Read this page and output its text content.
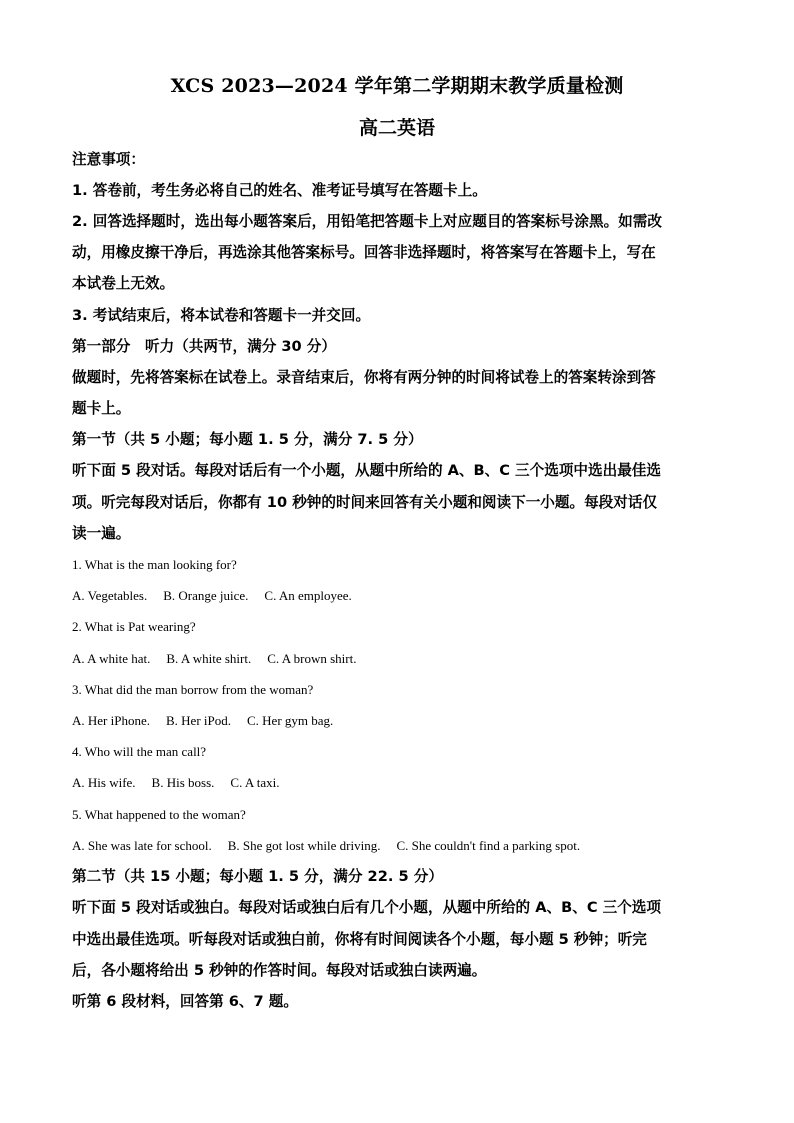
XCS 2023—2024 学年第二学期期末教学质量检测
高二英语
注意事项：
1. 答卷前，考生务必将自己的姓名、准考证号填写在答题卡上。
2. 回答选择题时，选出每小题答案后，用铅笔把答题卡上对应题目的答案标号涂黑。如需改
动，用橡皮擦干净后，再选涂其他答案标号。回答非选择题时，将答案写在答题卡上，写在
本试卷上无效。
3. 考试结束后，将本试卷和答题卡一并交回。
第一部分　听力（共两节，满分 30 分）
做题时，先将答案标在试卷上。录音结束后，你将有两分钟的时间将试卷上的答案转涂到答
题卡上。
第一节（共 5 小题；每小题 1. 5 分，满分 7. 5 分）
听下面 5 段对话。每段对话后有一个小题，从题中所给的 A、B、C 三个选项中选出最佳选
项。听完每段对话后，你都有 10 秒钟的时间来回答有关小题和阅读下一小题。每段对话仅
读一遍。
1. What is the man looking for?
A. Vegetables. B. Orange juice. C. An employee.
2. What is Pat wearing?
A. A white hat. B. A white shirt. C. A brown shirt.
3. What did the man borrow from the woman?
A. Her iPhone. B. Her iPod. C. Her gym bag.
4. Who will the man call?
A. His wife. B. His boss. C. A taxi.
5. What happened to the woman?
A. She was late for school. B. She got lost while driving. C. She couldn't find a parking spot.
第二节（共 15 小题；每小题 1. 5 分，满分 22. 5 分）
听下面 5 段对话或独白。每段对话或独白后有几个小题，从题中所给的 A、B、C 三个选项
中选出最佳选项。听每段对话或独白前，你将有时间阅读各个小题，每小题 5 秒钟；听完
后，各小题将给出 5 秒钟的作答时间。每段对话或独白读两遍。
听第 6 段材料，回答第 6、7 题。
